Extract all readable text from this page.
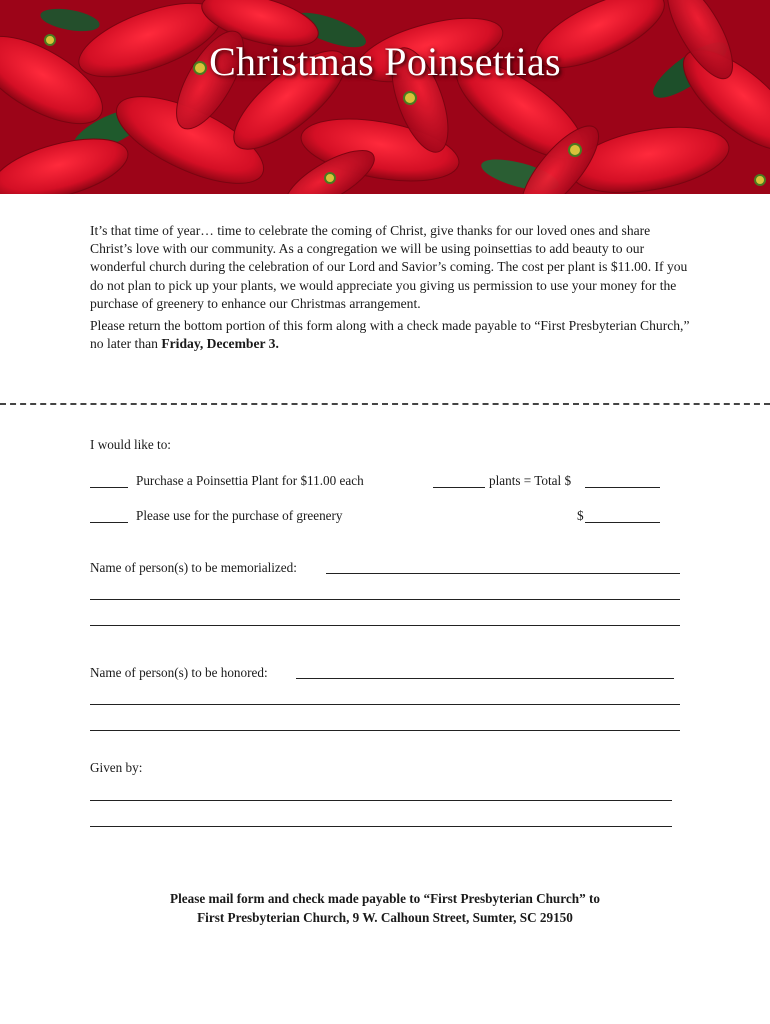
Christmas Poinsettias

It’s that time of year… time to celebrate the coming of Christ, give thanks for our loved ones and share Christ’s love with our community. As a congregation we will be using poinsettias to add beauty to our wonderful church during the celebration of our Lord and Savior’s coming. The cost per plant is $11.00. If you do not plan to pick up your plants, we would appreciate you giving us permission to use your money for the purchase of greenery to enhance our Christmas arrangement.

Please return the bottom portion of this form along with a check made payable to “First Presbyterian Church,” no later than Friday, December 3.

I would like to:
Purchase a Poinsettia Plant for $11.00 each	plants = Total $
Please use for the purchase of greenery	$
Name of person(s) to be memorialized:
Name of person(s) to be honored:
Given by:
Please mail form and check made payable to “First Presbyterian Church” to
First Presbyterian Church, 9 W. Calhoun Street, Sumter, SC 29150
